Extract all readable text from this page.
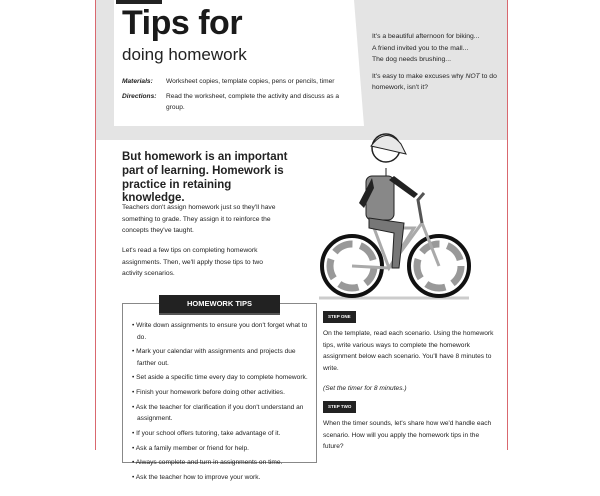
Tips for
doing homework
Materials:	Worksheet copies, template copies, pens or pencils, timer
Directions:	Read the worksheet, complete the activity and discuss as a group.

It's a beautiful afternoon for biking...
A friend invited you to the mall...
The dog needs brushing...

It's easy to make excuses why NOT to do homework, isn't it?

But homework is an important part of learning. Homework is practice in retaining knowledge.
Teachers don't assign homework just so they'll have something to grade. They assign it to reinforce the concepts they've taught.
Let's read a few tips on completing homework assignments. Then, we'll apply those tips to two activity scenarios.
HOMEWORK TIPS
• Write down assignments to ensure you don't forget what to do.
• Mark your calendar with assignments and projects due farther out.
• Set aside a specific time every day to complete homework.
• Finish your homework before doing other activities.
• Ask the teacher for clarification if you don't understand an assignment.
• If your school offers tutoring, take advantage of it.
• Ask a family member or friend for help.
• Always complete and turn in assignments on time.
• Ask the teacher how to improve your work.
STEP ONE
On the template, read each scenario. Using the homework tips, write various ways to complete the homework assignment below each scenario. You'll have 8 minutes to write.
(Set the timer for 8 minutes.)
STEP TWO
When the timer sounds, let's share how we'd handle each scenario. How will you apply the homework tips in the future?
